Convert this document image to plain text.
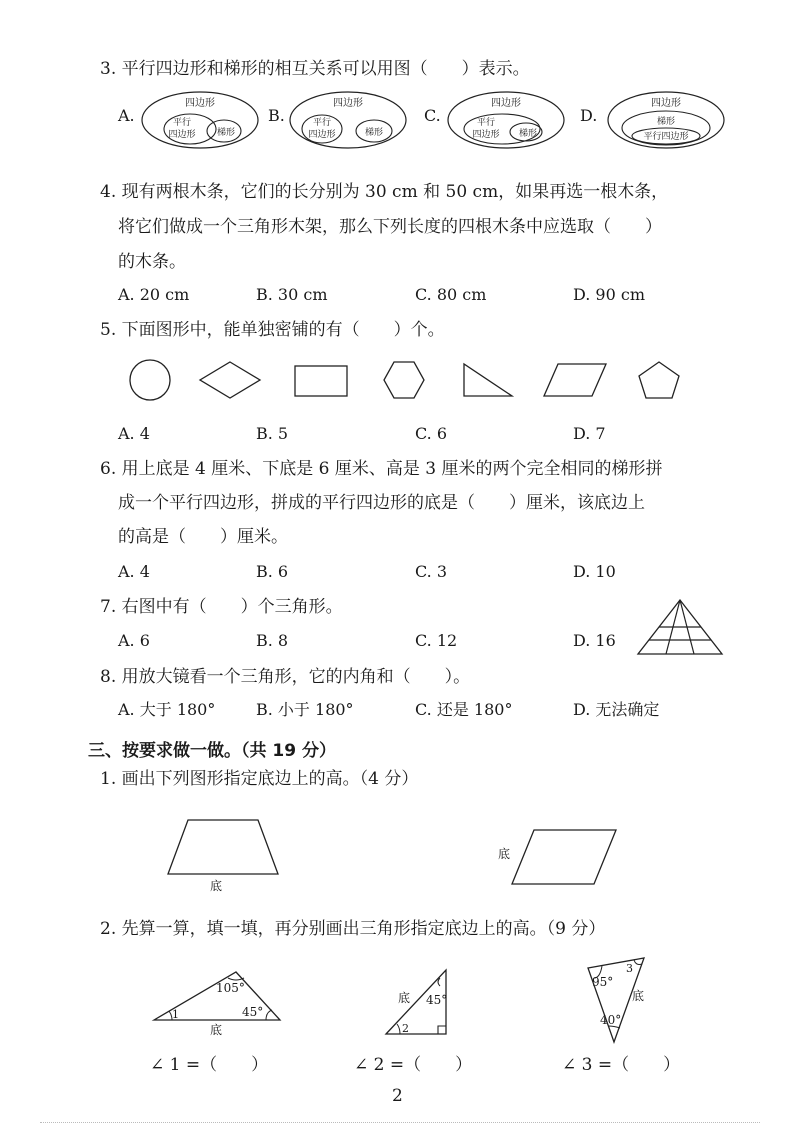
3. 平行四边形和梯形的相互关系可以用图（　　）表示。
A.	B.	C.	D.
四边形
平行
四边形 梯形
四边形
平行
四边形	梯形
四边形
平行
四边形 梯形
四边形
梯形
平行四边形
4. 现有两根木条，它们的长分别为 30 cm 和 50 cm，如果再选一根木条，
将它们做成一个三角形木架，那么下列长度的四根木条中应选取（　　）
的木条。
A. 20 cm	B. 30 cm	C. 80 cm	D. 90 cm
5. 下面图形中，能单独密铺的有（　　）个。
A. 4	B. 5	C. 6	D. 7
6. 用上底是 4 厘米、下底是 6 厘米、高是 3 厘米的两个完全相同的梯形拼
成一个平行四边形，拼成的平行四边形的底是（　　）厘米，该底边上
的高是（　　）厘米。
A. 4	B. 6	C. 3	D. 10
7. 右图中有（　　）个三角形。
A. 6	B. 8	C. 12	D. 16
8. 用放大镜看一个三角形，它的内角和（　　）。
A. 大于 180°	B. 小于 180°	C. 还是 180°	D. 无法确定
三、按要求做一做。（共 19 分）
1. 画出下列图形指定底边上的高。（4 分）
底
底
2. 先算一算，填一填，再分别画出三角形指定底边上的高。（9 分）
105°
45°
1
底
45°
底
2
95°
3
底
40°
∠ 1 =（　　）	∠ 2 =（　　）	∠ 3 =（　　）
2
